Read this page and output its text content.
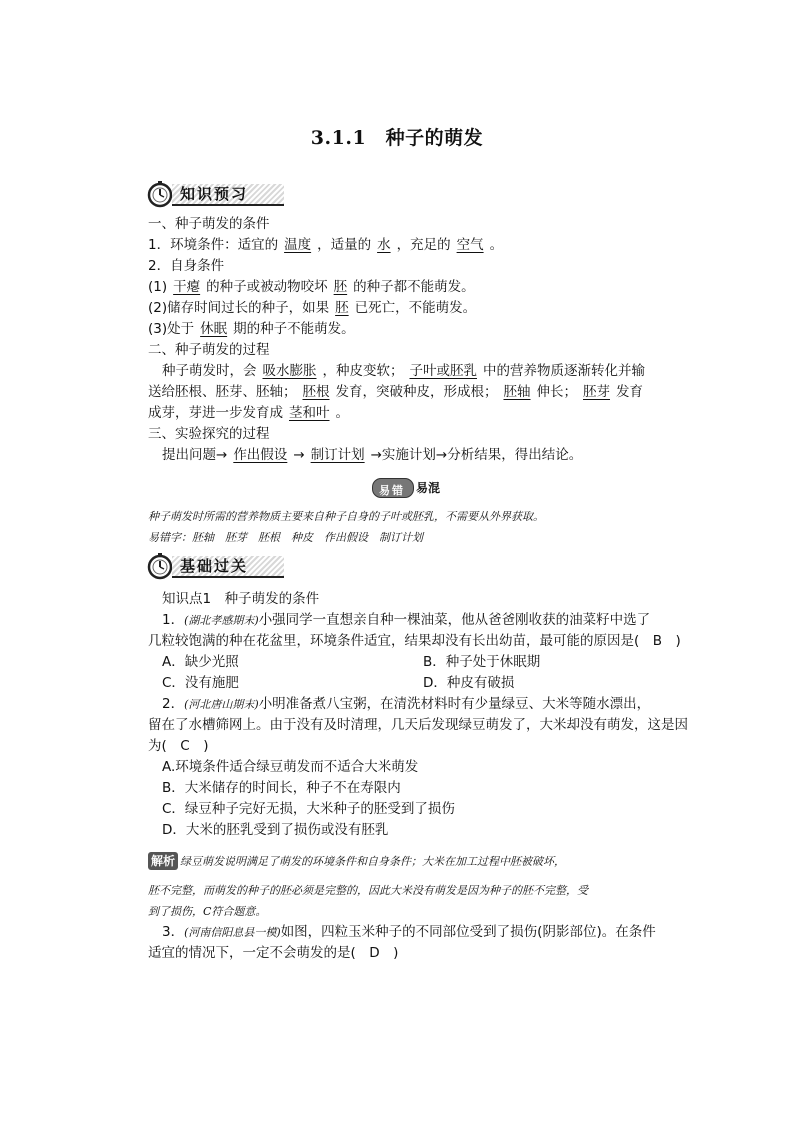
3.1.1　种子的萌发
知识预习
一、种子萌发的条件
1．环境条件：适宜的 温度 ，适量的 水 ，充足的 空气 。
2．自身条件
(1) 干瘪 的种子或被动物咬坏 胚 的种子都不能萌发。
(2)储存时间过长的种子，如果 胚 已死亡，不能萌发。
(3)处于 休眠 期的种子不能萌发。
二、种子萌发的过程
种子萌发时，会 吸水膨胀 ，种皮变软； 子叶或胚乳 中的营养物质逐渐转化并输
送给胚根、胚芽、胚轴； 胚根 发育，突破种皮，形成根； 胚轴 伸长； 胚芽 发育
成芽，芽进一步发育成 茎和叶 。
三、实验探究的过程
提出问题→ 作出假设 → 制订计划 →实施计划→分析结果，得出结论。
易错 易混
种子萌发时所需的营养物质主要来自种子自身的子叶或胚乳，不需要从外界获取。
易错字：胚轴　胚芽　胚根　种皮　作出假设　制订计划
基础过关
知识点1　种子萌发的条件
1．(湖北孝感期末)小强同学一直想亲自种一棵油菜，他从爸爸刚收获的油菜籽中选了
几粒较饱满的种在花盆里，环境条件适宜，结果却没有长出幼苗，最可能的原因是(　B　)
A．缺少光照	B．种子处于休眠期
C．没有施肥	D．种皮有破损
2．(河北唐山期末)小明准备煮八宝粥，在清洗材料时有少量绿豆、大米等随水漂出，
留在了水槽筛网上。由于没有及时清理，几天后发现绿豆萌发了，大米却没有萌发，这是因
为(　C　)
A.环境条件适合绿豆萌发而不适合大米萌发
B．大米储存的时间长，种子不在寿限内
C．绿豆种子完好无损，大米种子的胚受到了损伤
D．大米的胚乳受到了损伤或没有胚乳
解析 绿豆萌发说明满足了萌发的环境条件和自身条件；大米在加工过程中胚被破坏，
胚不完整，而萌发的种子的胚必须是完整的，因此大米没有萌发是因为种子的胚不完整，受
到了损伤，C符合题意。
3．(河南信阳息县一模)如图，四粒玉米种子的不同部位受到了损伤(阴影部位)。在条件
适宜的情况下，一定不会萌发的是(　D　)
